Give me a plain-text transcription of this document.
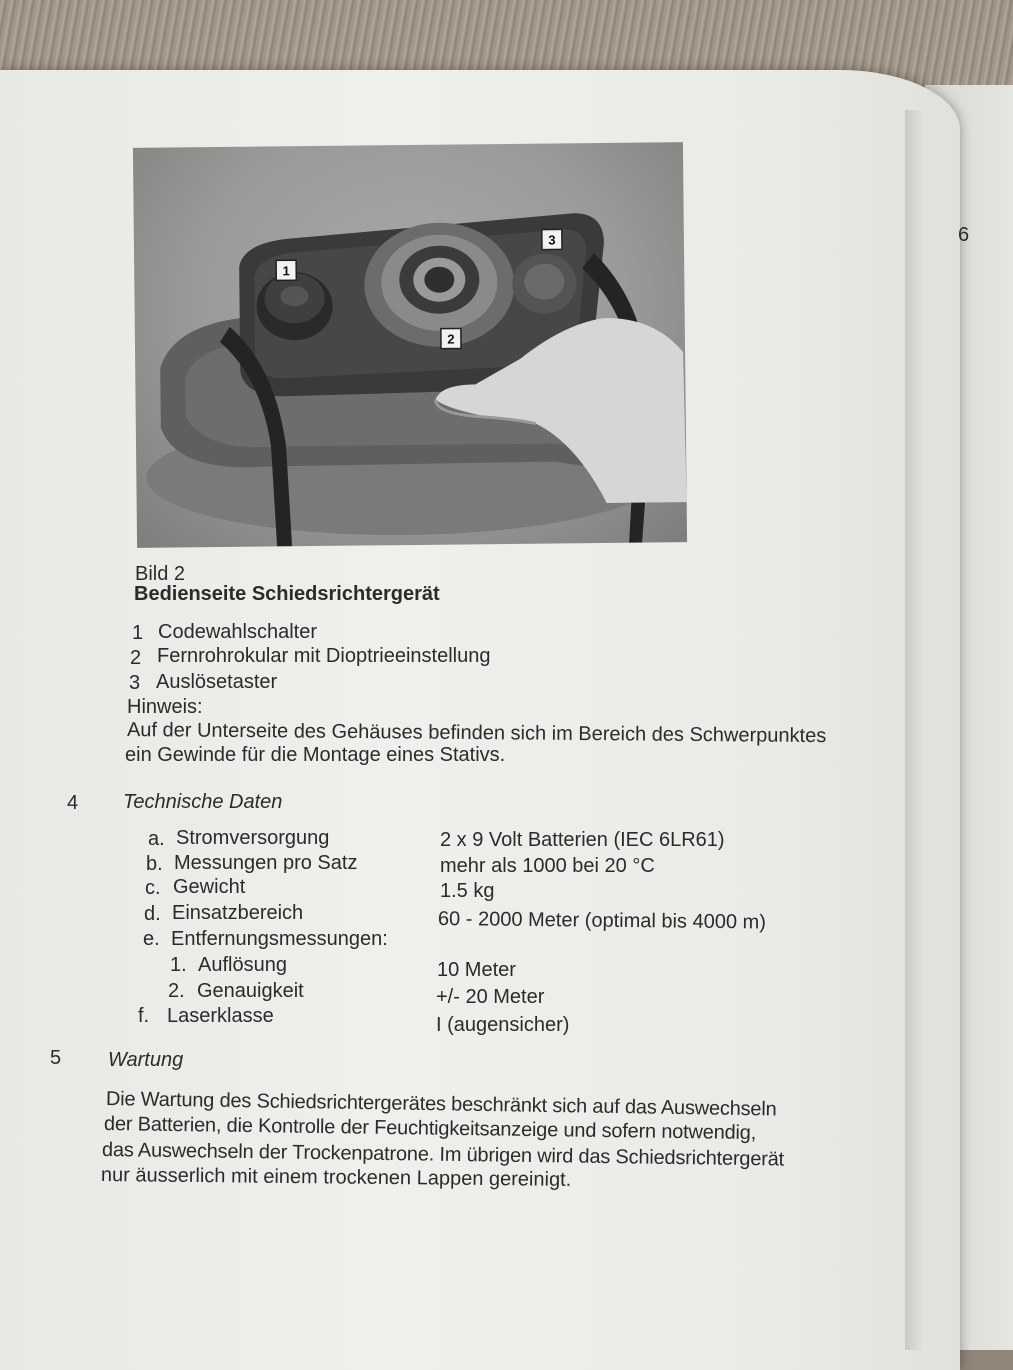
6
1
3
2
Bild 2
Bedienseite Schiedsrichtergerät
1 Codewahlschalter
2 Fernrohrokular mit Dioptrieeinstellung
3 Auslösetaster
Hinweis:
Auf der Unterseite des Gehäuses befinden sich im Bereich des Schwerpunktes
ein Gewinde für die Montage eines Stativs.
4 Technische Daten
a. Stromversorgung	2 x 9 Volt Batterien (IEC 6LR61)
b. Messungen pro Satz	mehr als 1000 bei 20 °C
c. Gewicht	1.5 kg
d. Einsatzbereich	60 - 2000 Meter (optimal bis 4000 m)
e. Entfernungsmessungen:
1. Auflösung	10 Meter
2. Genauigkeit	+/- 20 Meter
f. Laserklasse	I (augensicher)
5 Wartung
Die Wartung des Schiedsrichtergerätes beschränkt sich auf das Auswechseln
der Batterien, die Kontrolle der Feuchtigkeitsanzeige und sofern notwendig,
das Auswechseln der Trockenpatrone. Im übrigen wird das Schiedsrichtergerät
nur äusserlich mit einem trockenen Lappen gereinigt.
